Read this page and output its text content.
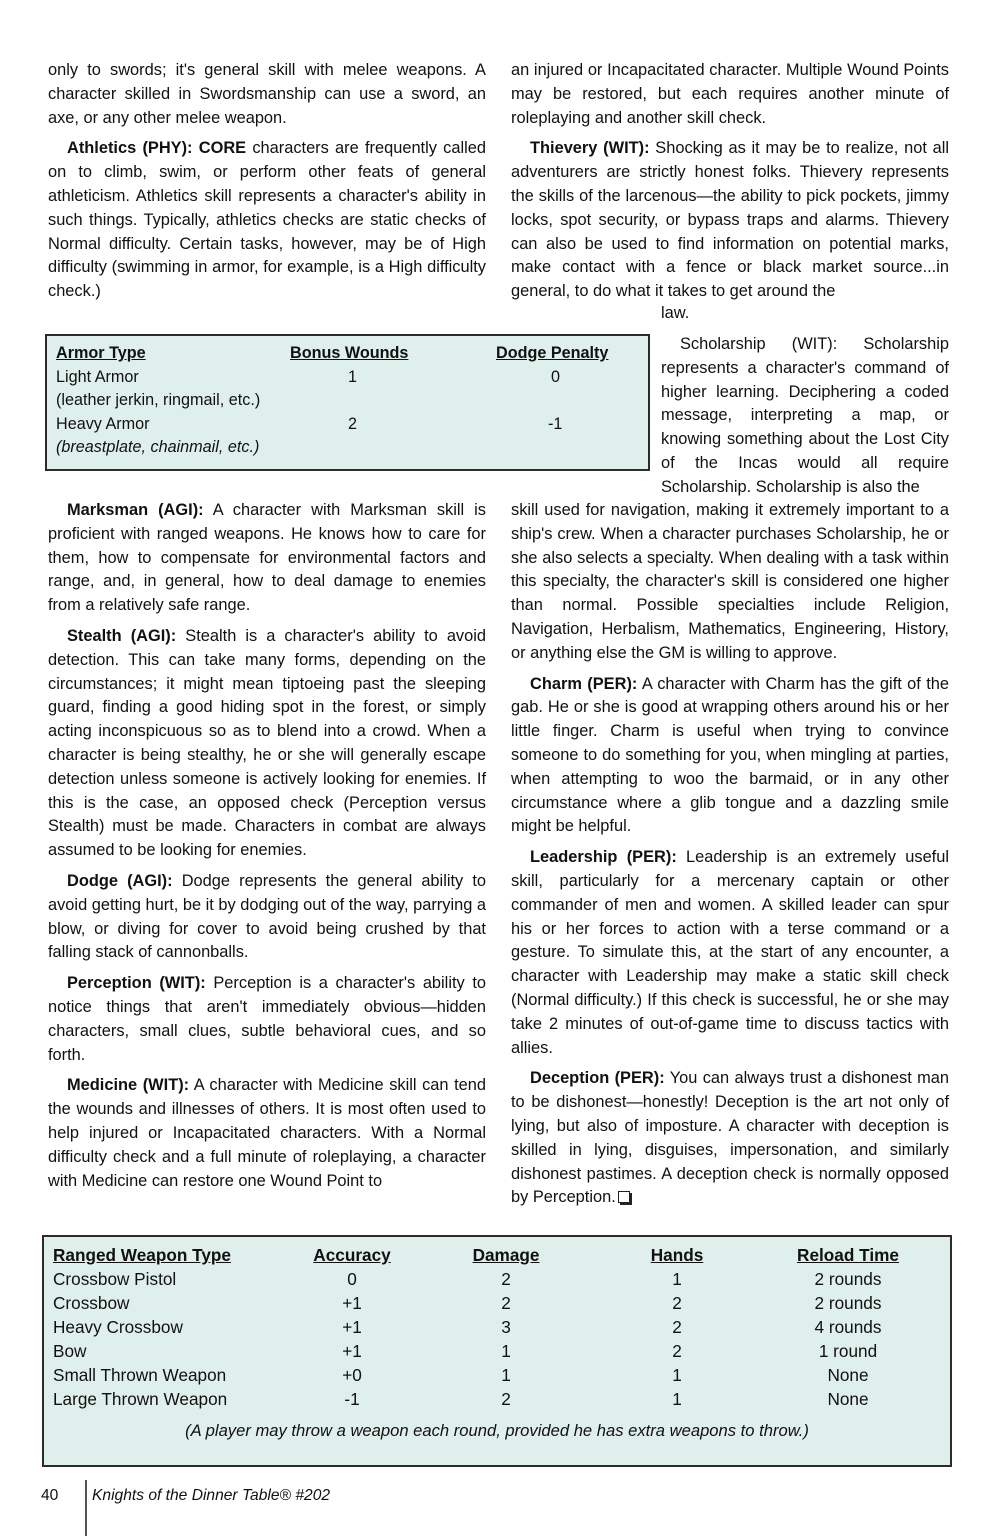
only to swords; it's general skill with melee weapons. A character skilled in Swordsmanship can use a sword, an axe, or any other melee weapon.

Athletics (PHY): CORE characters are frequently called on to climb, swim, or perform other feats of general athleticism. Athletics skill represents a character's ability in such things. Typically, athletics checks are static checks of Normal difficulty. Certain tasks, however, may be of High difficulty (swimming in armor, for example, is a High difficulty check.)

an injured or Incapacitated character. Multiple Wound Points may be restored, but each requires another minute of roleplaying and another skill check.

Thievery (WIT): Shocking as it may be to realize, not all adventurers are strictly honest folks. Thievery represents the skills of the larcenous—the ability to pick pockets, jimmy locks, spot security, or bypass traps and alarms. Thievery can also be used to find information on potential marks, make contact with a fence or black market source...in general, to do what it takes to get around the

law.

Scholarship (WIT): Scholarship represents a character's command of higher learning. Deciphering a coded message, interpreting a map, or knowing something about the Lost City of the Incas would all require Scholarship. Scholarship is also the

Armor Type	Bonus Wounds	Dodge Penalty
Light Armor	1	0
(leather jerkin, ringmail, etc.)		
Heavy Armor	2	-1
(breastplate, chainmail, etc.)		

Marksman (AGI): A character with Marksman skill is proficient with ranged weapons. He knows how to care for them, how to compensate for environmental factors and range, and, in general, how to deal damage to enemies from a relatively safe range.

Stealth (AGI): Stealth is a character's ability to avoid detection. This can take many forms, depending on the circumstances; it might mean tiptoeing past the sleeping guard, finding a good hiding spot in the forest, or simply acting inconspicuous so as to blend into a crowd. When a character is being stealthy, he or she will generally escape detection unless someone is actively looking for enemies. If this is the case, an opposed check (Perception versus Stealth) must be made. Characters in combat are always assumed to be looking for enemies.

Dodge (AGI): Dodge represents the general ability to avoid getting hurt, be it by dodging out of the way, parrying a blow, or diving for cover to avoid being crushed by that falling stack of cannonballs.

Perception (WIT): Perception is a character's ability to notice things that aren't immediately obvious—hidden characters, small clues, subtle behavioral cues, and so forth.

Medicine (WIT): A character with Medicine skill can tend the wounds and illnesses of others. It is most often used to help injured or Incapacitated characters. With a Normal difficulty check and a full minute of roleplaying, a character with Medicine can restore one Wound Point to

skill used for navigation, making it extremely important to a ship's crew. When a character purchases Scholarship, he or she also selects a specialty. When dealing with a task within this specialty, the character's skill is considered one higher than normal. Possible specialties include Religion, Navigation, Herbalism, Mathematics, Engineering, History, or anything else the GM is willing to approve.

Charm (PER): A character with Charm has the gift of the gab. He or she is good at wrapping others around his or her little finger. Charm is useful when trying to convince someone to do something for you, when mingling at parties, when attempting to woo the barmaid, or in any other circumstance where a glib tongue and a dazzling smile might be helpful.

Leadership (PER): Leadership is an extremely useful skill, particularly for a mercenary captain or other commander of men and women. A skilled leader can spur his or her forces to action with a terse command or a gesture. To simulate this, at the start of any encounter, a character with Leadership may make a static skill check (Normal difficulty.) If this check is successful, he or she may take 2 minutes of out-of-game time to discuss tactics with allies.

Deception (PER): You can always trust a dishonest man to be dishonest—honestly! Deception is the art not only of lying, but also of imposture. A character with deception is skilled in lying, disguises, impersonation, and similarly dishonest pastimes. A deception check is normally opposed by Perception.

Ranged Weapon Type	Accuracy	Damage	Hands	Reload Time
Crossbow Pistol	0	2	1	2 rounds
Crossbow	+1	2	2	2 rounds
Heavy Crossbow	+1	3	2	4 rounds
Bow	+1	1	2	1 round
Small Thrown Weapon	+0	1	1	None
Large Thrown Weapon	-1	2	1	None
(A player may throw a weapon each round, provided he has extra weapons to throw.)
40 Knights of the Dinner Table® #202
